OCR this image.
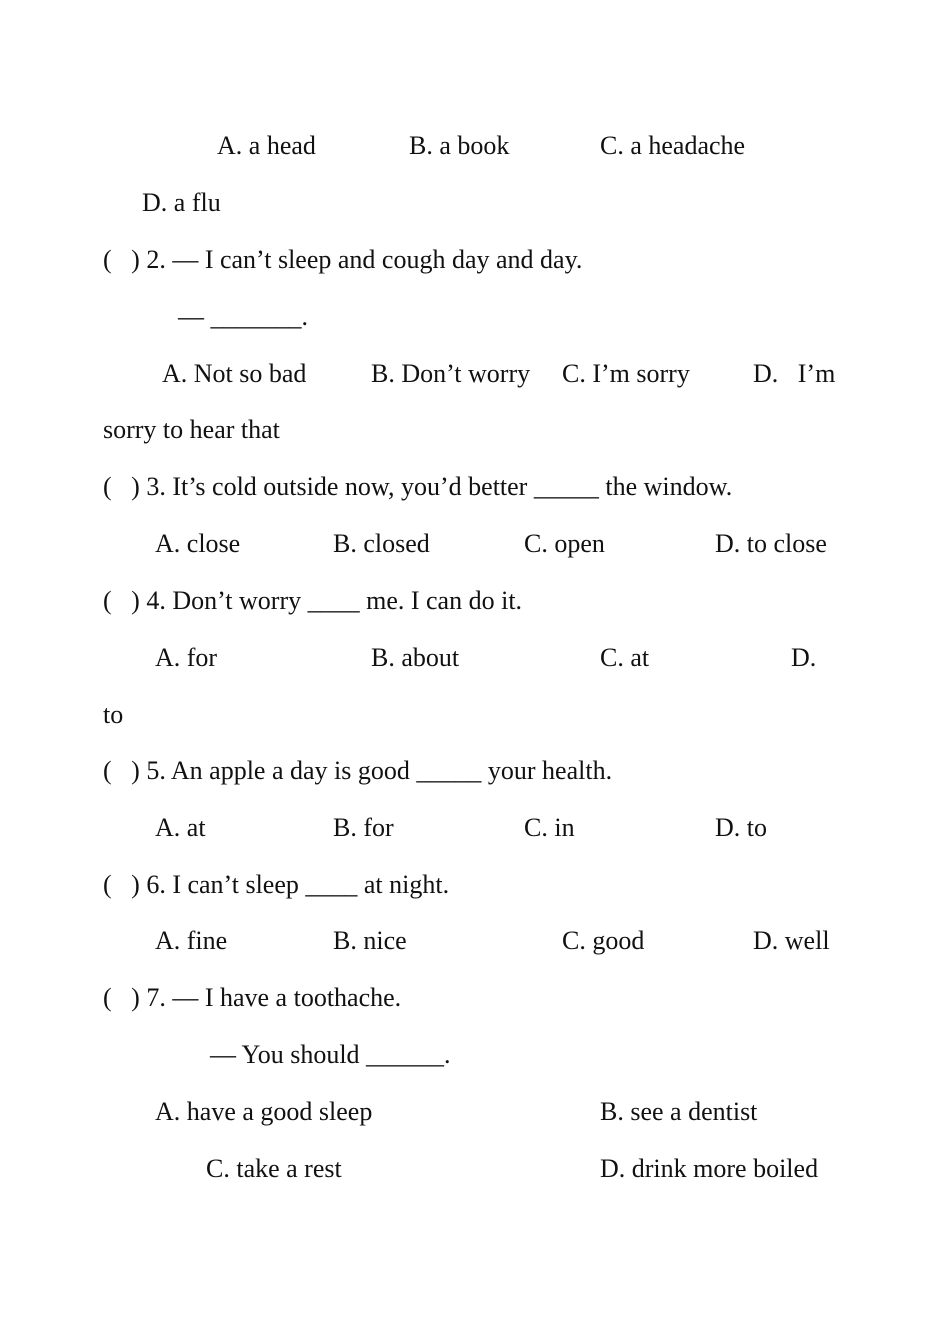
A. a head	B. a book	C. a headache
D. a flu
(   ) 2. — I can’t sleep and cough day and day.
— _______.
A. Not so bad B. Don’t worry C. I’m sorry D.   I’m
sorry to hear that
(   ) 3. It’s cold outside now, you’d better _____ the window.
A. close	B. closed	C. open	D. to close
(   ) 4. Don’t worry ____ me. I can do it.
A. for	B. about	C. at	D.
to
(   ) 5. An apple a day is good _____ your health.
A. at	B. for	C. in	D. to
(   ) 6. I can’t sleep ____ at night.
A. fine	B. nice	C. good	D. well
(   ) 7. — I have a toothache.
— You should ______.
A. have a good sleep	B. see a dentist
C. take a rest	D. drink more boiled
